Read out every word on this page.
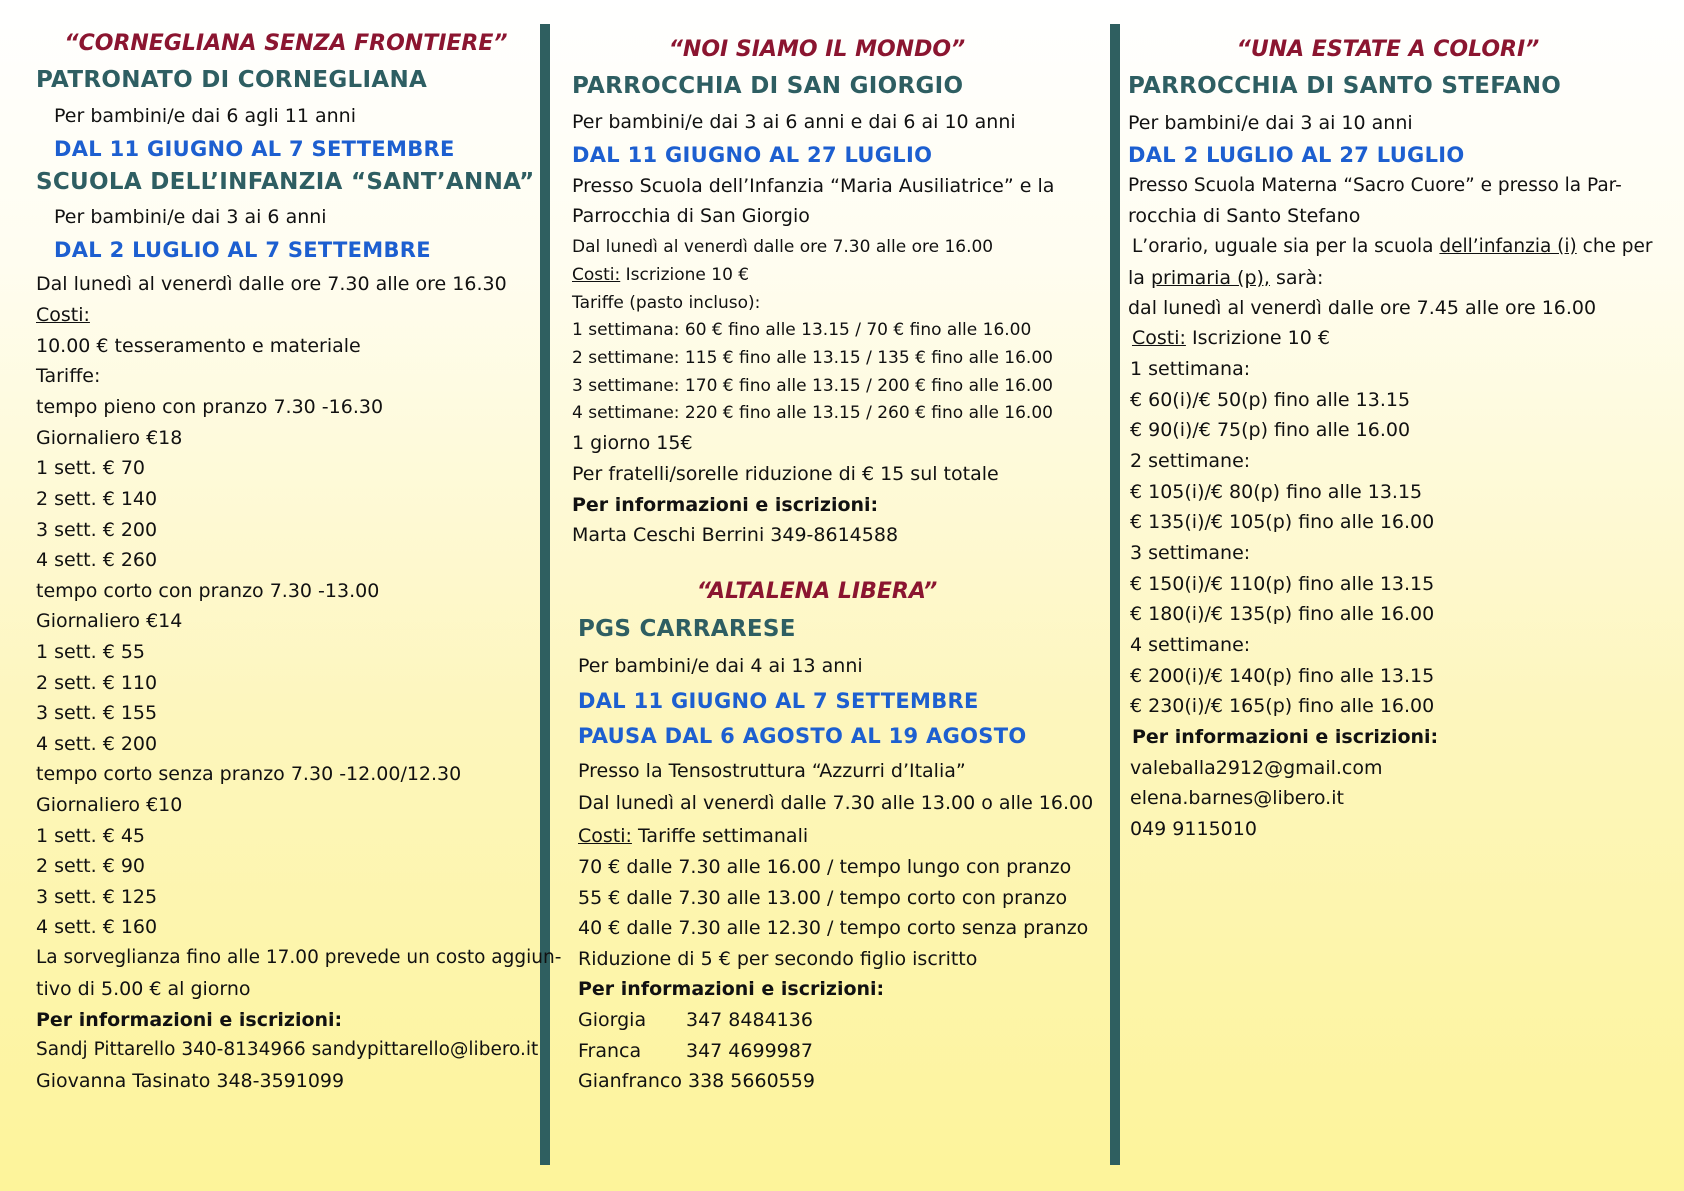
“CORNEGLIANA SENZA FRONTIERE”
PATRONATO DI CORNEGLIANA
Per bambini/e dai 6 agli 11 anni
DAL 11 GIUGNO AL 7 SETTEMBRE
SCUOLA DELL’INFANZIA “SANT’ANNA”
Per bambini/e dai 3 ai 6 anni
DAL 2 LUGLIO AL 7 SETTEMBRE
Dal lunedì al venerdì dalle ore 7.30 alle ore 16.30
Costi:
10.00 € tesseramento e materiale
Tariffe:
tempo pieno con pranzo 7.30 -16.30
Giornaliero €18
1 sett. € 70
2 sett. € 140
3 sett. € 200
4 sett. € 260
tempo corto con pranzo 7.30 -13.00
Giornaliero €14
1 sett. € 55
2 sett. € 110
3 sett. € 155
4 sett. € 200
tempo corto senza pranzo 7.30 -12.00/12.30
Giornaliero €10
1 sett. € 45
2 sett. € 90
3 sett. € 125
4 sett. € 160
La sorveglianza fino alle 17.00 prevede un costo aggiun-
tivo di 5.00 € al giorno
Per informazioni e iscrizioni:
Sandj Pittarello 340-8134966 sandypittarello@libero.it
Giovanna Tasinato 348-3591099
“NOI SIAMO IL MONDO”
PARROCCHIA DI SAN GIORGIO
Per bambini/e dai 3 ai 6 anni e dai 6 ai 10 anni
DAL 11 GIUGNO AL 27 LUGLIO
Presso Scuola dell’Infanzia “Maria Ausiliatrice” e la
Parrocchia di San Giorgio
Dal lunedì al venerdì dalle ore 7.30 alle ore 16.00
Costi: Iscrizione 10 €
Tariffe (pasto incluso):
1 settimana: 60 € fino alle 13.15 / 70 € fino alle 16.00
2 settimane: 115 € fino alle 13.15 / 135 € fino alle 16.00
3 settimane: 170 € fino alle 13.15 / 200 € fino alle 16.00
4 settimane: 220 € fino alle 13.15 / 260 € fino alle 16.00
1 giorno 15€
Per fratelli/sorelle riduzione di € 15 sul totale
Per informazioni e iscrizioni:
Marta Ceschi Berrini 349-8614588
“ALTALENA LIBERA”
PGS CARRARESE
Per bambini/e dai 4 ai 13 anni
DAL 11 GIUGNO AL 7 SETTEMBRE
PAUSA DAL 6 AGOSTO AL 19 AGOSTO
Presso la Tensostruttura “Azzurri d’Italia”
Dal lunedì al venerdì dalle 7.30 alle 13.00 o alle 16.00
Costi: Tariffe settimanali
70 € dalle 7.30 alle 16.00 / tempo lungo con pranzo
55 € dalle 7.30 alle 13.00 / tempo corto con pranzo
40 € dalle 7.30 alle 12.30 / tempo corto senza pranzo
Riduzione di 5 € per secondo figlio iscritto
Per informazioni e iscrizioni:
Giorgia 347 8484136
Franca 347 4699987
Gianfranco 338 5660559
“UNA ESTATE A COLORI”
PARROCCHIA DI SANTO STEFANO
Per bambini/e dai 3 ai 10 anni
DAL 2 LUGLIO AL 27 LUGLIO
Presso Scuola Materna “Sacro Cuore” e presso la Par-
rocchia di Santo Stefano
L’orario, uguale sia per la scuola dell’infanzia (i) che per
la primaria (p), sarà:
dal lunedì al venerdì dalle ore 7.45 alle ore 16.00
Costi: Iscrizione 10 €
1 settimana:
€ 60(i)/€ 50(p) fino alle 13.15
€ 90(i)/€ 75(p) fino alle 16.00
2 settimane:
€ 105(i)/€ 80(p) fino alle 13.15
€ 135(i)/€ 105(p) fino alle 16.00
3 settimane:
€ 150(i)/€ 110(p) fino alle 13.15
€ 180(i)/€ 135(p) fino alle 16.00
4 settimane:
€ 200(i)/€ 140(p) fino alle 13.15
€ 230(i)/€ 165(p) fino alle 16.00
Per informazioni e iscrizioni:
valeballa2912@gmail.com
elena.barnes@libero.it
049 9115010
